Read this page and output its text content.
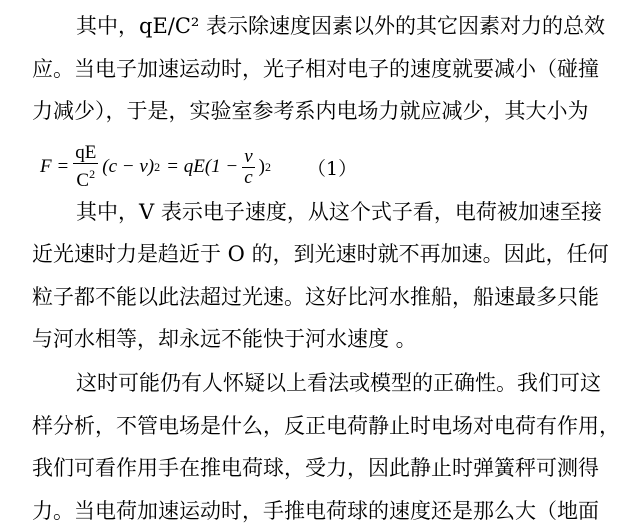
其中，qE/C² 表示除速度因素以外的其它因素对力的总效
应。当电子加速运动时，光子相对电子的速度就要减小（碰撞
力减少），于是，实验室参考系内电场力就应减少，其大小为
$F = \frac{qE}{C^2} (c - v) 2 = qE(1 - \frac{v}{c}$ ) 2 （1）
其中，V 表示电子速度，从这个式子看，电荷被加速至接
近光速时力是趋近于 O 的，到光速时就不再加速。因此，任何
粒子都不能以此法超过光速。这好比河水推船，船速最多只能
与河水相等，却永远不能快于河水速度 。
这时可能仍有人怀疑以上看法或模型的正确性。我们可这
样分析，不管电场是什么，反正电荷静止时电场对电荷有作用，
我们可看作用手在推电荷球，受力，因此静止时弹簧秤可测得
力。当电荷加速运动时，手推电荷球的速度还是那么大（地面
